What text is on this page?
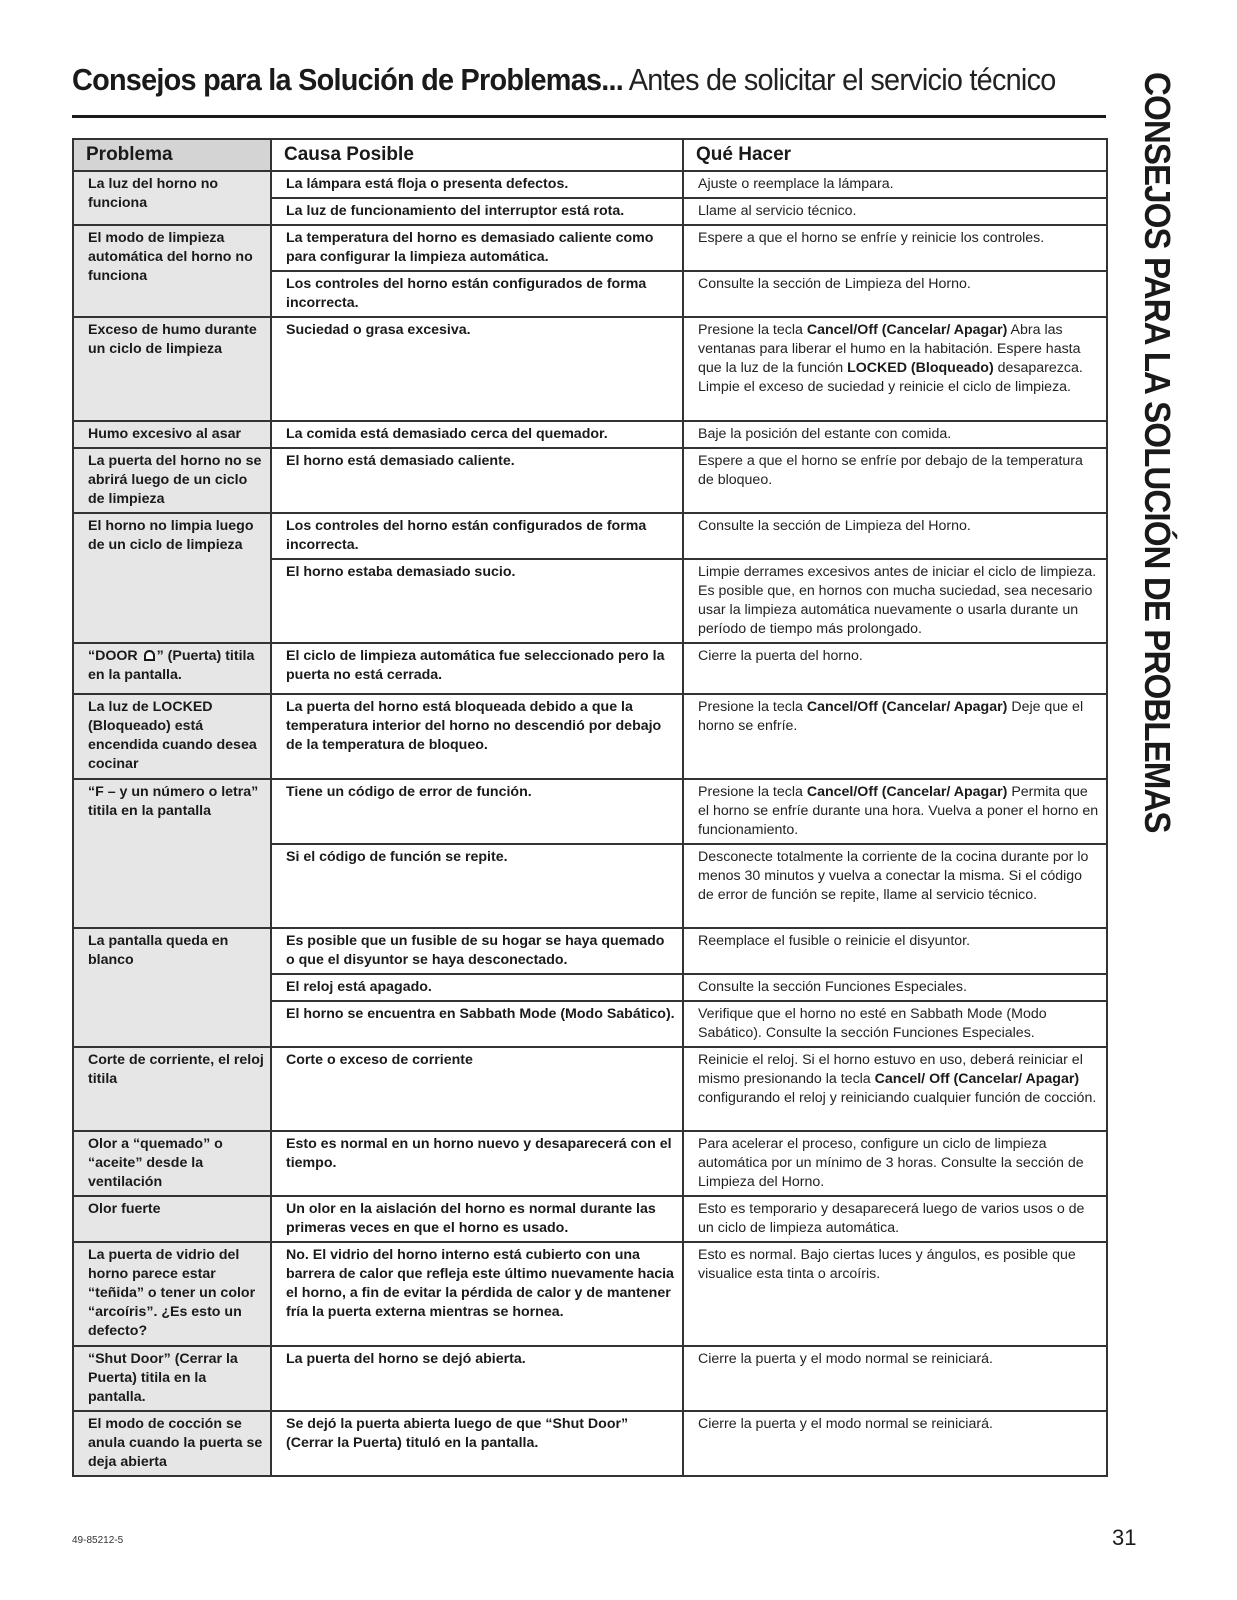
Consejos para la Solución de Problemas... Antes de solicitar el servicio técnico CONSEJOS PARA LA SOLUCIÓN DE PROBLEMAS
Problema	Causa Posible	Qué Hacer
La luz del horno no funciona	La lámpara está floja o presenta defectos.	Ajuste o reemplace la lámpara.
	La luz de funcionamiento del interruptor está rota.	Llame al servicio técnico.
El modo de limpieza automática del horno no funciona	La temperatura del horno es demasiado caliente como para configurar la limpieza automática.	Espere a que el horno se enfríe y reinicie los controles.
	Los controles del horno están configurados de forma incorrecta.	Consulte la sección de Limpieza del Horno.
Exceso de humo durante un ciclo de limpieza	Suciedad o grasa excesiva.	Presione la tecla Cancel/Off (Cancelar/ Apagar) Abra las ventanas para liberar el humo en la habitación. Espere hasta que la luz de la función LOCKED (Bloqueado) desaparezca. Limpie el exceso de suciedad y reinicie el ciclo de limpieza.
Humo excesivo al asar	La comida está demasiado cerca del quemador.	Baje la posición del estante con comida.
La puerta del horno no se abrirá luego de un ciclo de limpieza	El horno está demasiado caliente.	Espere a que el horno se enfríe por debajo de la temperatura de bloqueo.
El horno no limpia luego de un ciclo de limpieza	Los controles del horno están configurados de forma incorrecta.	Consulte la sección de Limpieza del Horno.
	El horno estaba demasiado sucio.	Limpie derrames excesivos antes de iniciar el ciclo de limpieza. Es posible que, en hornos con mucha suciedad, sea necesario usar la limpieza automática nuevamente o usarla durante un período de tiempo más prolongado.
“DOOR ” (Puerta) titila en la pantalla.	El ciclo de limpieza automática fue seleccionado pero la puerta no está cerrada.	Cierre la puerta del horno.
La luz de LOCKED (Bloqueado) está encendida cuando desea cocinar	La puerta del horno está bloqueada debido a que la temperatura interior del horno no descendió por debajo de la temperatura de bloqueo.	Presione la tecla Cancel/Off (Cancelar/ Apagar) Deje que el horno se enfríe.
“F – y un número o letra” titila en la pantalla	Tiene un código de error de función.	Presione la tecla Cancel/Off (Cancelar/ Apagar) Permita que el horno se enfríe durante una hora. Vuelva a poner el horno en funcionamiento.
	Si el código de función se repite.	Desconecte totalmente la corriente de la cocina durante por lo menos 30 minutos y vuelva a conectar la misma. Si el código de error de función se repite, llame al servicio técnico.
La pantalla queda en blanco	Es posible que un fusible de su hogar se haya quemado o que el disyuntor se haya desconectado.	Reemplace el fusible o reinicie el disyuntor.
	El reloj está apagado.	Consulte la sección Funciones Especiales.
	El horno se encuentra en Sabbath Mode (Modo Sabático).	Verifique que el horno no esté en Sabbath Mode (Modo Sabático). Consulte la sección Funciones Especiales.
Corte de corriente, el reloj titila	Corte o exceso de corriente	Reinicie el reloj. Si el horno estuvo en uso, deberá reiniciar el mismo presionando la tecla Cancel/ Off (Cancelar/ Apagar) configurando el reloj y reiniciando cualquier función de cocción.
Olor a “quemado” o “aceite” desde la ventilación	Esto es normal en un horno nuevo y desaparecerá con el tiempo.	Para acelerar el proceso, configure un ciclo de limpieza automática por un mínimo de 3 horas. Consulte la sección de Limpieza del Horno.
Olor fuerte	Un olor en la aislación del horno es normal durante las primeras veces en que el horno es usado.	Esto es temporario y desaparecerá luego de varios usos o de un ciclo de limpieza automática.
La puerta de vidrio del horno parece estar “teñida” o tener un color “arcoíris”. ¿Es esto un defecto?	No. El vidrio del horno interno está cubierto con una barrera de calor que refleja este último nuevamente hacia el horno, a fin de evitar la pérdida de calor y de mantener fría la puerta externa mientras se hornea.	Esto es normal. Bajo ciertas luces y ángulos, es posible que visualice esta tinta o arcoíris.
“Shut Door” (Cerrar la Puerta) titila en la pantalla.	La puerta del horno se dejó abierta.	Cierre la puerta y el modo normal se reiniciará.
El modo de cocción se anula cuando la puerta se deja abierta	Se dejó la puerta abierta luego de que “Shut Door” (Cerrar la Puerta) tituló en la pantalla.	Cierre la puerta y el modo normal se reiniciará.
49-85212-5	31
